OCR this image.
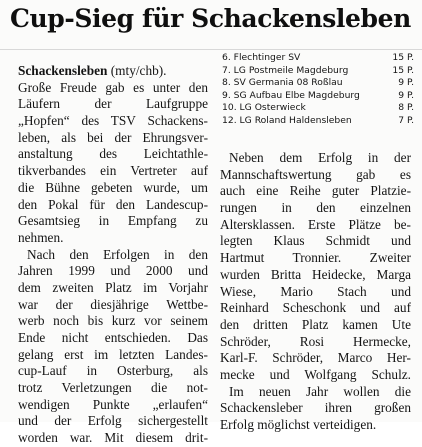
Cup-Sieg für Schackensleben
6. Flechtinger SV	15 P.
7. LG Postmeile Magdeburg	15 P.
8. SV Germania 08 Roßlau	9 P.
9. SG Aufbau Elbe Magdeburg	9 P.
10. LG Osterwieck	8 P.
12. LG Roland Haldensleben	7 P.
Schackensleben (mty/chb).
Große Freude gab es unter den
Läufern der Laufgruppe
„Hopfen“ des TSV Schackens-
leben, als bei der Ehrungsver-
anstaltung des Leichtathle-
tikverbandes ein Vertreter auf
die Bühne gebeten wurde, um
den Pokal für den Landescup-
Gesamtsieg in Empfang zu
nehmen.
Nach den Erfolgen in den
Jahren 1999 und 2000 und
dem zweiten Platz im Vorjahr
war der diesjährige Wettbe-
werb noch bis kurz vor seinem
Ende nicht entschieden. Das
gelang erst im letzten Landes-
cup-Lauf in Osterburg, als
trotz Verletzungen die not-
wendigen Punkte „erlaufen“
und der Erfolg sichergestellt
worden war. Mit diesem drit-
Neben dem Erfolg in der
Mannschaftswertung gab es
auch eine Reihe guter Platzie-
rungen in den einzelnen
Altersklassen. Erste Plätze be-
legten Klaus Schmidt und
Hartmut Tronnier. Zweiter
wurden Britta Heidecke, Marga
Wiese, Mario Stach und
Reinhard Scheschonk und auf
den dritten Platz kamen Ute
Schröder, Rosi Hermecke,
Karl-F. Schröder, Marco Her-
mecke und Wolfgang Schulz.
Im neuen Jahr wollen die
Schackensleber ihren großen
Erfolg möglichst verteidigen.
